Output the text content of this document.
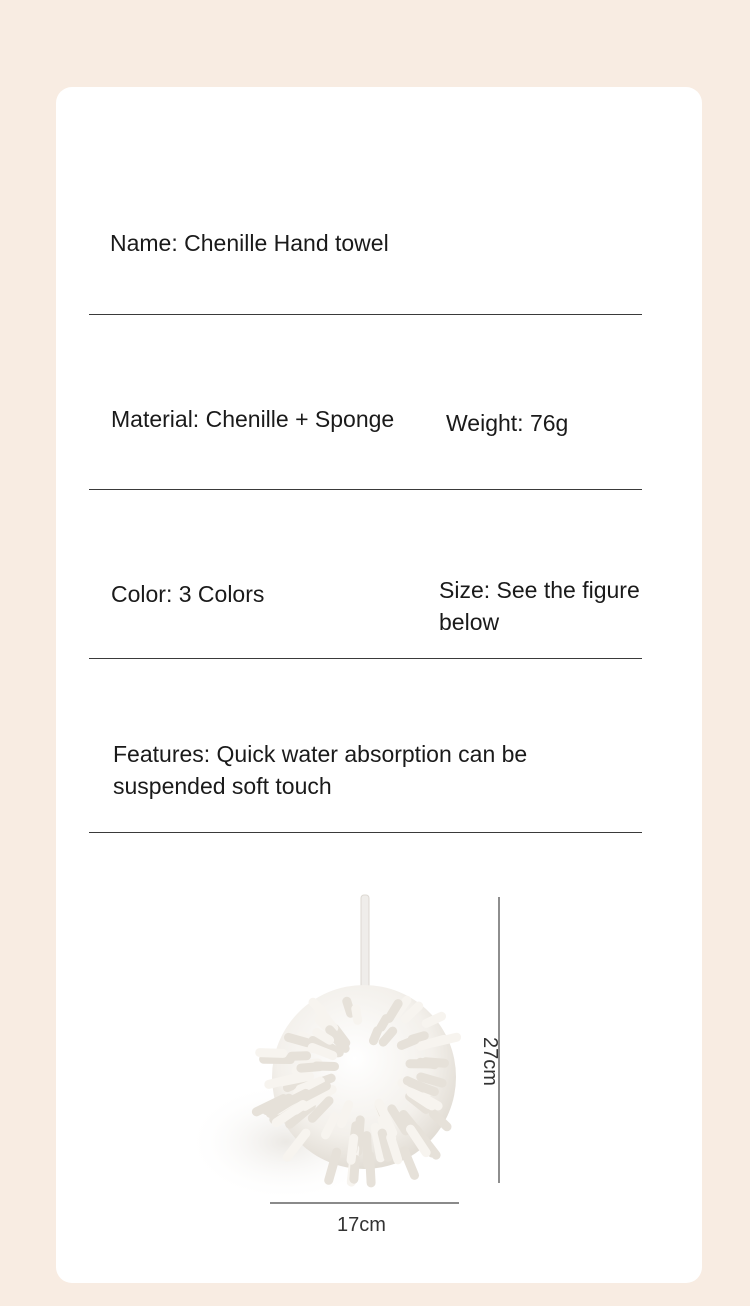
Name: Chenille Hand towel

Material: Chenille + Sponge Weight: 76g

Color: 3 Colors	Size: See the figure below

Features: Quick water absorption can be suspended soft touch

27cm
17cm
